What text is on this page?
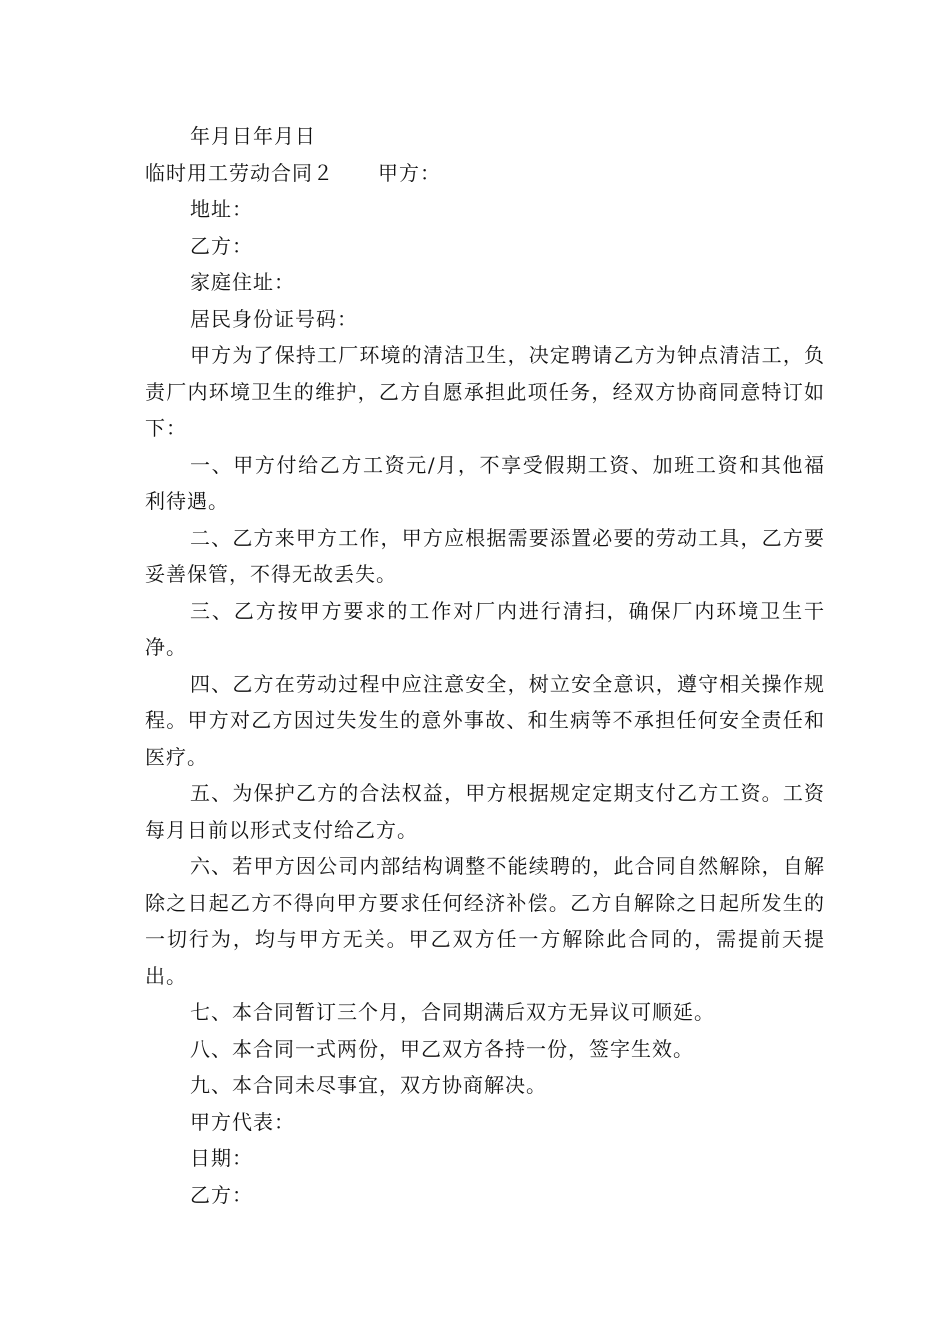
年月日年月日

临时用工劳动合同２ 甲方：

地址：

乙方：

家庭住址：

居民身份证号码：

甲方为了保持工厂环境的清洁卫生，决定聘请乙方为钟点清洁工，负责厂内环境卫生的维护，乙方自愿承担此项任务，经双方协商同意特订如下：

一、甲方付给乙方工资元/月，不享受假期工资、加班工资和其他福利待遇。

二、乙方来甲方工作，甲方应根据需要添置必要的劳动工具，乙方要妥善保管，不得无故丢失。

三、乙方按甲方要求的工作对厂内进行清扫，确保厂内环境卫生干净。

四、乙方在劳动过程中应注意安全，树立安全意识，遵守相关操作规程。甲方对乙方因过失发生的意外事故、和生病等不承担任何安全责任和医疗。

五、为保护乙方的合法权益，甲方根据规定定期支付乙方工资。工资每月日前以形式支付给乙方。

六、若甲方因公司内部结构调整不能续聘的，此合同自然解除，自解除之日起乙方不得向甲方要求任何经济补偿。乙方自解除之日起所发生的一切行为，均与甲方无关。甲乙双方任一方解除此合同的，需提前天提出。

七、本合同暂订三个月，合同期满后双方无异议可顺延。

八、本合同一式两份，甲乙双方各持一份，签字生效。

九、本合同未尽事宜，双方协商解决。

甲方代表：

日期：

乙方：
